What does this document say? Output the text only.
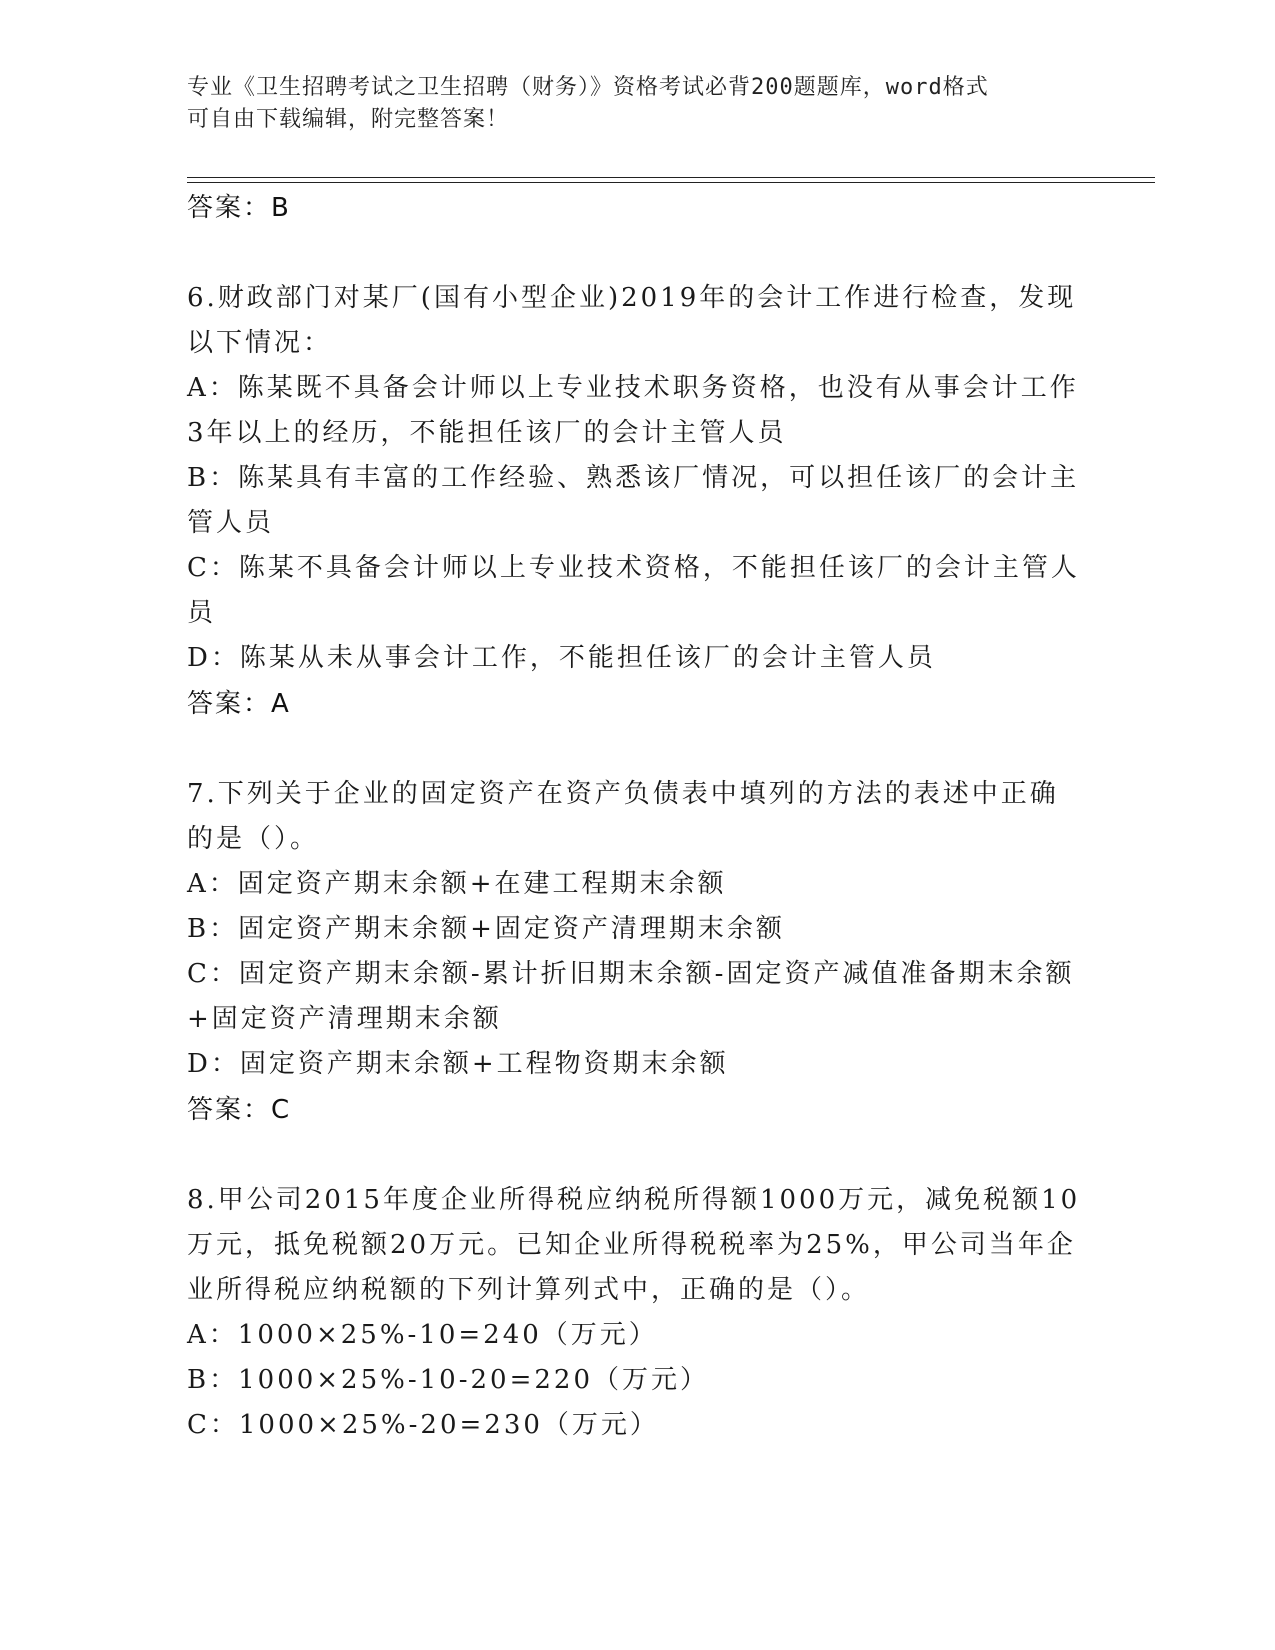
专业《卫生招聘考试之卫生招聘（财务）》资格考试必背200题题库，word格式
可自由下载编辑，附完整答案！
答案：B

6.财政部门对某厂(国有小型企业)2019年的会计工作进行检查，发现以下情况：

A：陈某既不具备会计师以上专业技术职务资格，也没有从事会计工作3年以上的经历，不能担任该厂的会计主管人员

B：陈某具有丰富的工作经验、熟悉该厂情况，可以担任该厂的会计主管人员

C：陈某不具备会计师以上专业技术资格，不能担任该厂的会计主管人员

D：陈某从未从事会计工作，不能担任该厂的会计主管人员

答案：A

7.下列关于企业的固定资产在资产负债表中填列的方法的表述中正确的是（）。

A：固定资产期末余额+在建工程期末余额

B：固定资产期末余额+固定资产清理期末余额

C：固定资产期末余额-累计折旧期末余额-固定资产减值准备期末余额+固定资产清理期末余额

D：固定资产期末余额+工程物资期末余额

答案：C

8.甲公司2015年度企业所得税应纳税所得额1000万元，减免税额10万元，抵免税额20万元。已知企业所得税税率为25%，甲公司当年企业所得税应纳税额的下列计算列式中，正确的是（）。

A：1000×25%-10=240（万元）

B：1000×25%-10-20=220（万元）

C：1000×25%-20=230（万元）
